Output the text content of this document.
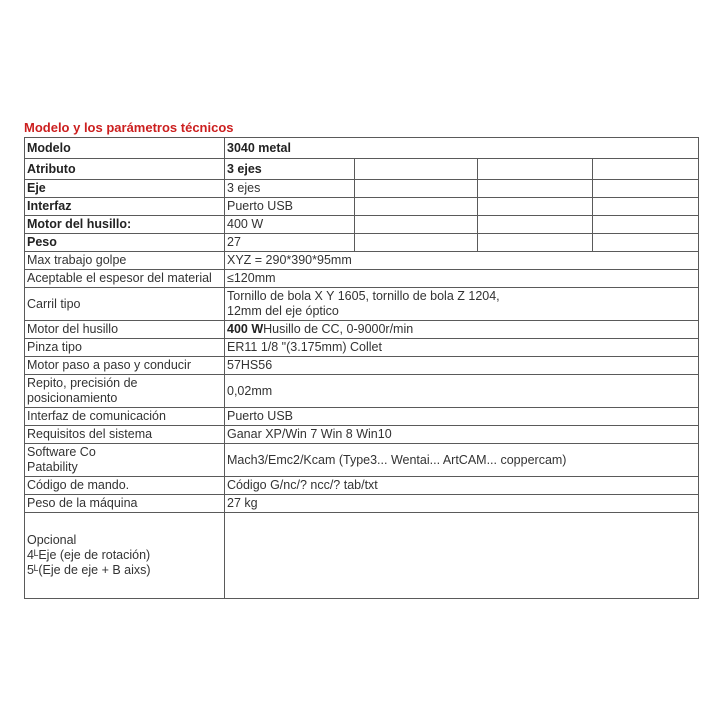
Modelo y los parámetros técnicos
Modelo	3040 metal			
Atributo	3 ejes			
Eje	3 ejes			
Interfaz	Puerto USB			
Motor del husillo:	400 W			
Peso	27			
Max trabajo golpe	XYZ = 290*390*95mm			
Aceptable el espesor del material	≤120mm			
Carril tipo	Tornillo de bola X Y 1605, tornillo de bola Z 1204,
12mm del eje óptico			

Motor del husillo	400 WHusillo de CC, 0-9000r/min			
Pinza tipo	ER11 1/8 "(3.175mm) Collet			
Motor paso a paso y conducir	57HS56			

Repito, precisión de
posicionamiento	0,02mm			
Interfaz de comunicación	Puerto USB			
Requisitos del sistema	Ganar XP/Win 7 Win 8 Win10			

Software Co
Patability	Mach3/Emc2/Kcam (Type3... Wentai... ArtCAM... coppercam)			
Código de mando.	Código G/nc/? ncc/? tab/txt			
Peso de la máquina	27 kg			

Opcional
4ᴸEje (eje de rotación)
5ᴸ(Eje de eje + B aixs)				
